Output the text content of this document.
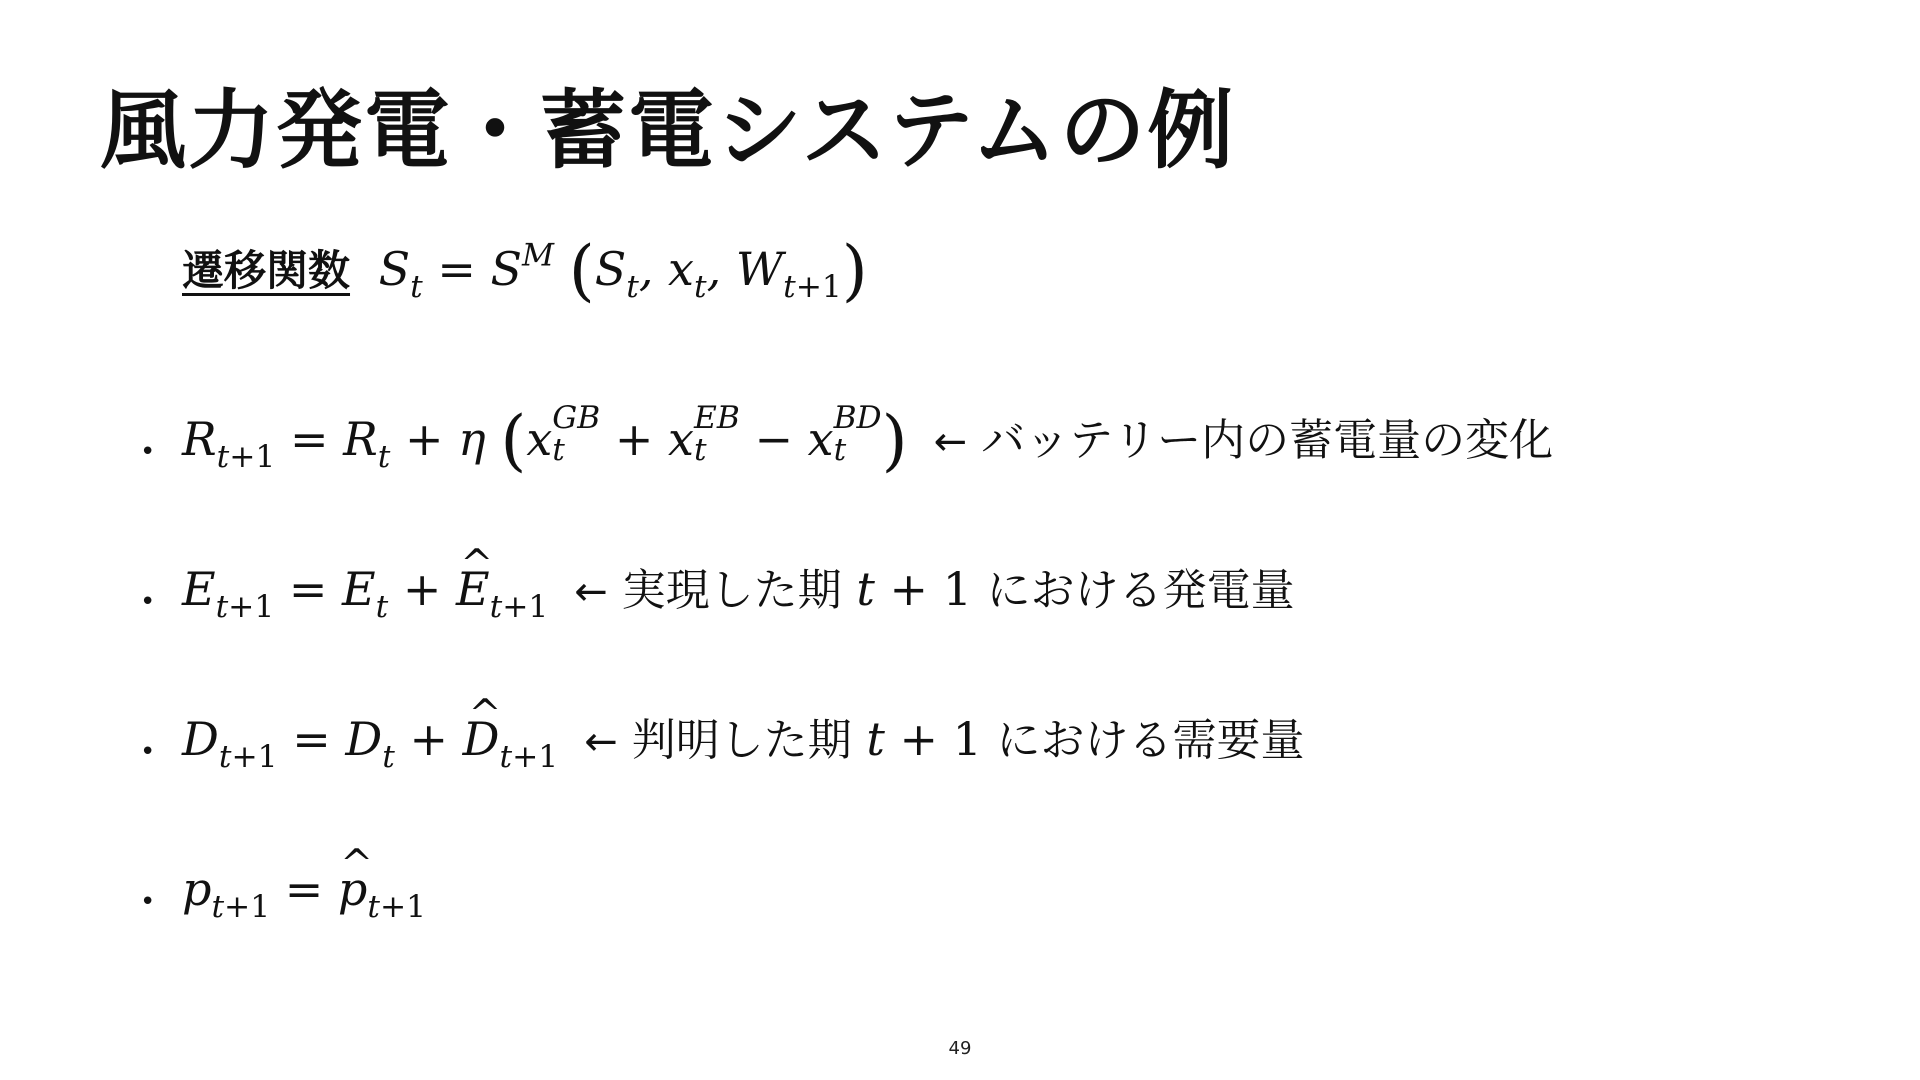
風力発電・蓄電システムの例
遷移関数 $S_t = S^M$ ($S_t$, $x_t$, $W_{t+1}$)
• $R_{t+1} = R_t + \eta$ (x GB
t + x EB
t − x BD
t ) ← バッテリー内の蓄電量の変化
• $E_{t+1} = E_t$ + ^ $E_{t+1}$ ← 実現した期 t + 1 における発電量
• $D_{t+1} = D_t$ + ^ $D_{t+1}$ ← 判明した期 t + 1 における需要量
• $p_{t+1}$ = ^ $p_{t+1}$
49
